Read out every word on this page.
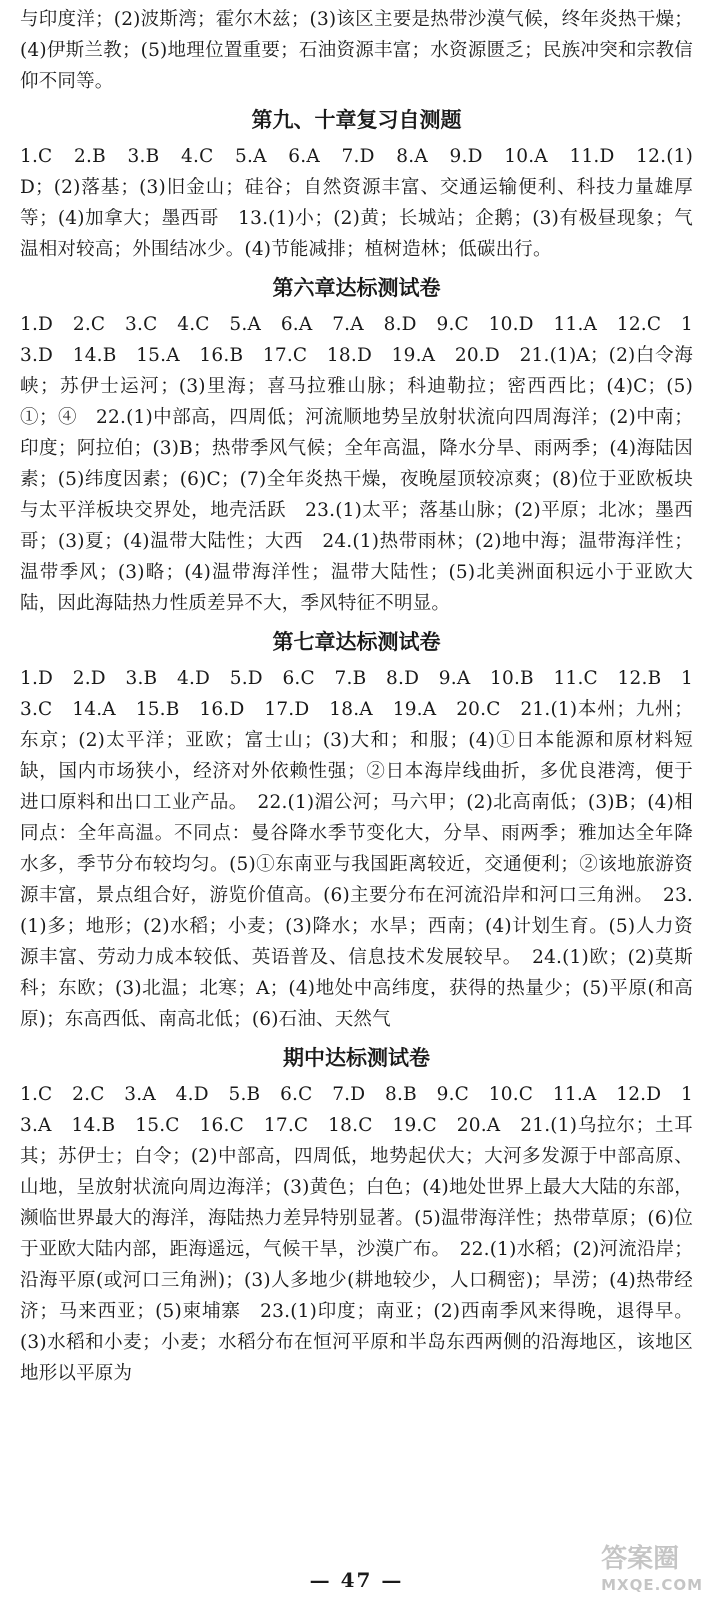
与印度洋；(2)波斯湾；霍尔木兹；(3)该区主要是热带沙漠气候，终年炎热干燥；(4)伊斯兰教；(5)地理位置重要；石油资源丰富；水资源匮乏；民族冲突和宗教信仰不同等。

第九、十章复习自测题

1.C　2.B　3.B　4.C　5.A　6.A　7.D　8.A　9.D　10.A　11.D　12.(1)D；(2)落基；(3)旧金山；硅谷；自然资源丰富、交通运输便利、科技力量雄厚等；(4)加拿大；墨西哥　13.(1)小；(2)黄；长城站；企鹅；(3)有极昼现象；气温相对较高；外围结冰少。(4)节能减排；植树造林；低碳出行。

第六章达标测试卷

1.D　2.C　3.C　4.C　5.A　6.A　7.A　8.D　9.C　10.D　11.A　12.C　13.D　14.B　15.A　16.B　17.C　18.D　19.A　20.D　21.(1)A；(2)白令海峡；苏伊士运河；(3)里海；喜马拉雅山脉；科迪勒拉；密西西比；(4)C；(5)①；④　22.(1)中部高，四周低；河流顺地势呈放射状流向四周海洋；(2)中南；印度；阿拉伯；(3)B；热带季风气候；全年高温，降水分旱、雨两季；(4)海陆因素；(5)纬度因素；(6)C；(7)全年炎热干燥，夜晚屋顶较凉爽；(8)位于亚欧板块与太平洋板块交界处，地壳活跃　23.(1)太平；落基山脉；(2)平原；北冰；墨西哥；(3)夏；(4)温带大陆性；大西　24.(1)热带雨林；(2)地中海；温带海洋性；温带季风；(3)略；(4)温带海洋性；温带大陆性；(5)北美洲面积远小于亚欧大陆，因此海陆热力性质差异不大，季风特征不明显。

第七章达标测试卷

1.D　2.D　3.B　4.D　5.D　6.C　7.B　8.D　9.A　10.B　11.C　12.B　13.C　14.A　15.B　16.D　17.D　18.A　19.A　20.C　21.(1)本州；九州；东京；(2)太平洋；亚欧；富士山；(3)大和；和服；(4)①日本能源和原材料短缺，国内市场狭小，经济对外依赖性强；②日本海岸线曲折，多优良港湾，便于进口原料和出口工业产品。　22.(1)湄公河；马六甲；(2)北高南低；(3)B；(4)相同点：全年高温。不同点：曼谷降水季节变化大，分旱、雨两季；雅加达全年降水多，季节分布较均匀。(5)①东南亚与我国距离较近，交通便利；②该地旅游资源丰富，景点组合好，游览价值高。(6)主要分布在河流沿岸和河口三角洲。　23.(1)多；地形；(2)水稻；小麦；(3)降水；水旱；西南；(4)计划生育。(5)人力资源丰富、劳动力成本较低、英语普及、信息技术发展较早。　24.(1)欧；(2)莫斯科；东欧；(3)北温；北寒；A；(4)地处中高纬度，获得的热量少；(5)平原(和高原)；东高西低、南高北低；(6)石油、天然气

期中达标测试卷

1.C　2.C　3.A　4.D　5.B　6.C　7.D　8.B　9.C　10.C　11.A　12.D　13.A　14.B　15.C　16.C　17.C　18.C　19.C　20.A　21.(1)乌拉尔；土耳其；苏伊士；白令；(2)中部高，四周低，地势起伏大；大河多发源于中部高原、山地，呈放射状流向周边海洋；(3)黄色；白色；(4)地处世界上最大大陆的东部，濒临世界最大的海洋，海陆热力差异特别显著。(5)温带海洋性；热带草原；(6)位于亚欧大陆内部，距海遥远，气候干旱，沙漠广布。　22.(1)水稻；(2)河流沿岸；沿海平原(或河口三角洲)；(3)人多地少(耕地较少，人口稠密)；旱涝；(4)热带经济；马来西亚；(5)柬埔寨　23.(1)印度；南亚；(2)西南季风来得晚，退得早。(3)水稻和小麦；小麦；水稻分布在恒河平原和半岛东西两侧的沿海地区，该地区地形以平原为

— 47 —
答案圈
MXQE.COM
